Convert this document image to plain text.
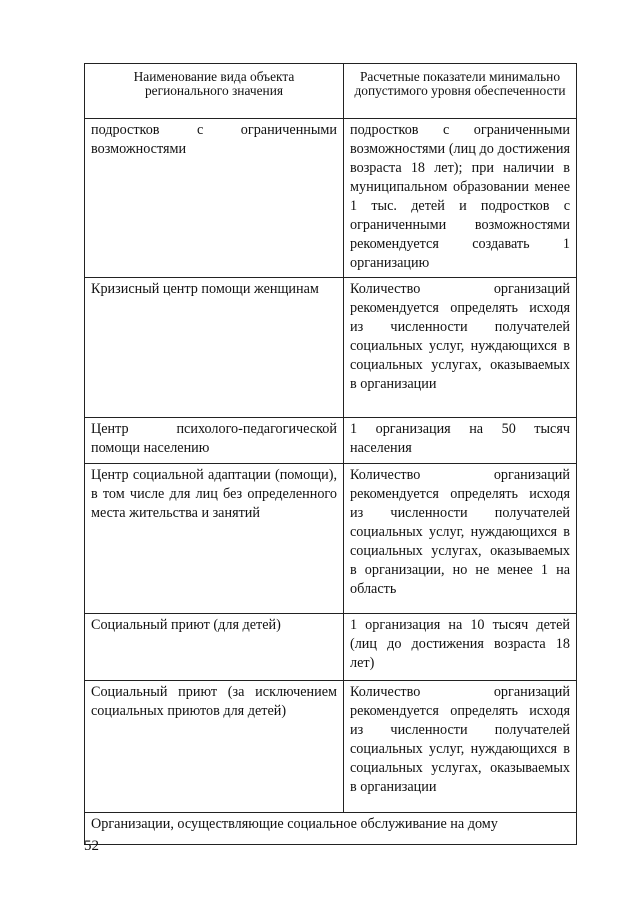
Наименование вида объекта регионального значения	Расчетные показатели минимально допустимого уровня обеспеченности
подростков с ограниченными возможностями	подростков с ограниченными возможностями (лиц до достижения возраста 18 лет); при наличии в муниципальном образовании менее 1 тыс. детей и подростков с ограниченными возможностями рекомендуется создавать 1 организацию
Кризисный центр помощи женщинам	Количество организаций рекомендуется определять исходя из численности получателей социальных услуг, нуждающихся в социальных услугах, оказываемых в организации
Центр психолого-педагогической помощи населению	1 организация на 50 тысяч населения
Центр социальной адаптации (помощи), в том числе для лиц без определенного места жительства и занятий	Количество организаций рекомендуется определять исходя из численности получателей социальных услуг, нуждающихся в социальных услугах, оказываемых в организации, но не менее 1 на область
Социальный приют (для детей)	1 организация на 10 тысяч детей (лиц до достижения возраста 18 лет)
Социальный приют (за исключением социальных приютов для детей)	Количество организаций рекомендуется определять исходя из численности получателей социальных услуг, нуждающихся в социальных услугах, оказываемых в организации
Организации, осуществляющие социальное обслуживание на дому	
52
